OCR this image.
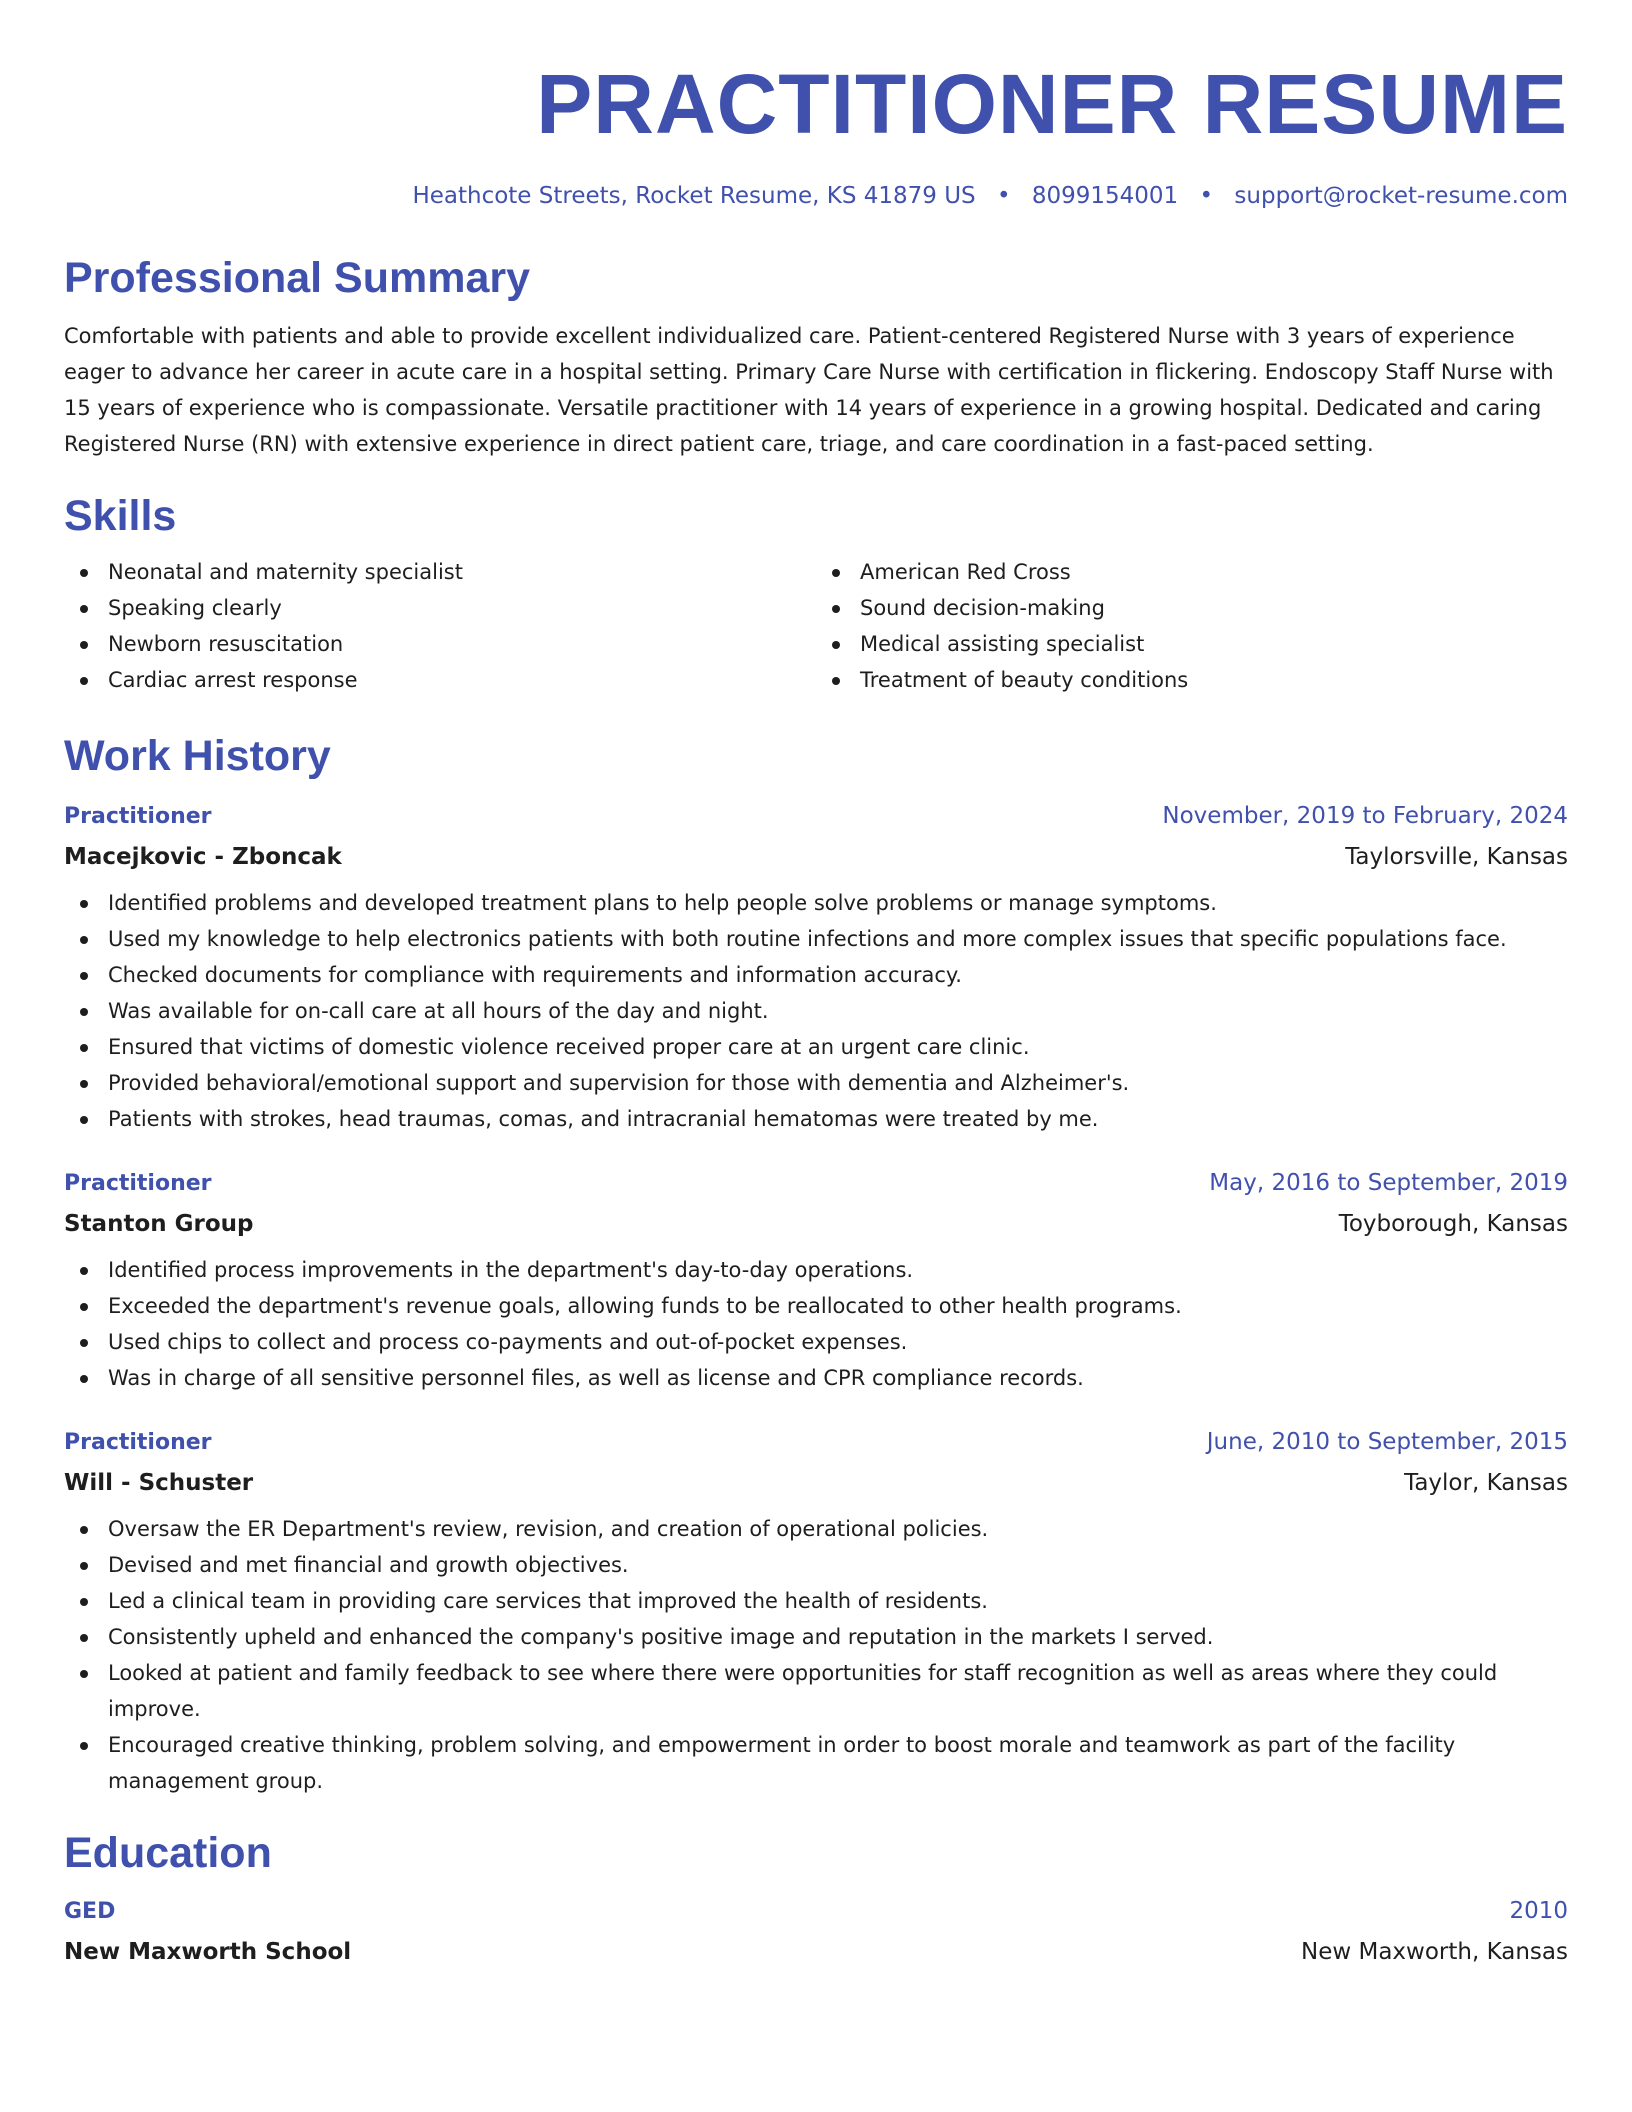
PRACTITIONER RESUME
Heathcote Streets, Rocket Resume, KS 41879 US • 8099154001 • support@rocket-resume.com
Professional Summary

Comfortable with patients and able to provide excellent individualized care. Patient-centered Registered Nurse with 3 years of experience eager to advance her career in acute care in a hospital setting. Primary Care Nurse with certification in flickering. Endoscopy Staff Nurse with 15 years of experience who is compassionate. Versatile practitioner with 14 years of experience in a growing hospital. Dedicated and caring Registered Nurse (RN) with extensive experience in direct patient care, triage, and care coordination in a fast-paced setting.

Skills
Neonatal and maternity specialist
Speaking clearly
Newborn resuscitation
Cardiac arrest response
American Red Cross
Sound decision-making
Medical assisting specialist
Treatment of beauty conditions
Work History
Practitioner	November, 2019 to February, 2024
Macejkovic - Zboncak	Taylorsville, Kansas
Identified problems and developed treatment plans to help people solve problems or manage symptoms.
Used my knowledge to help electronics patients with both routine infections and more complex issues that specific populations face.
Checked documents for compliance with requirements and information accuracy.
Was available for on-call care at all hours of the day and night.
Ensured that victims of domestic violence received proper care at an urgent care clinic.
Provided behavioral/emotional support and supervision for those with dementia and Alzheimer's.
Patients with strokes, head traumas, comas, and intracranial hematomas were treated by me.
Practitioner	May, 2016 to September, 2019
Stanton Group	Toyborough, Kansas
Identified process improvements in the department's day-to-day operations.
Exceeded the department's revenue goals, allowing funds to be reallocated to other health programs.
Used chips to collect and process co-payments and out-of-pocket expenses.
Was in charge of all sensitive personnel files, as well as license and CPR compliance records.
Practitioner	June, 2010 to September, 2015
Will - Schuster	Taylor, Kansas
Oversaw the ER Department's review, revision, and creation of operational policies.
Devised and met financial and growth objectives.
Led a clinical team in providing care services that improved the health of residents.
Consistently upheld and enhanced the company's positive image and reputation in the markets I served.
Looked at patient and family feedback to see where there were opportunities for staff recognition as well as areas where they could improve.
Encouraged creative thinking, problem solving, and empowerment in order to boost morale and teamwork as part of the facility management group.
Education
GED	2010
New Maxworth School	New Maxworth, Kansas
